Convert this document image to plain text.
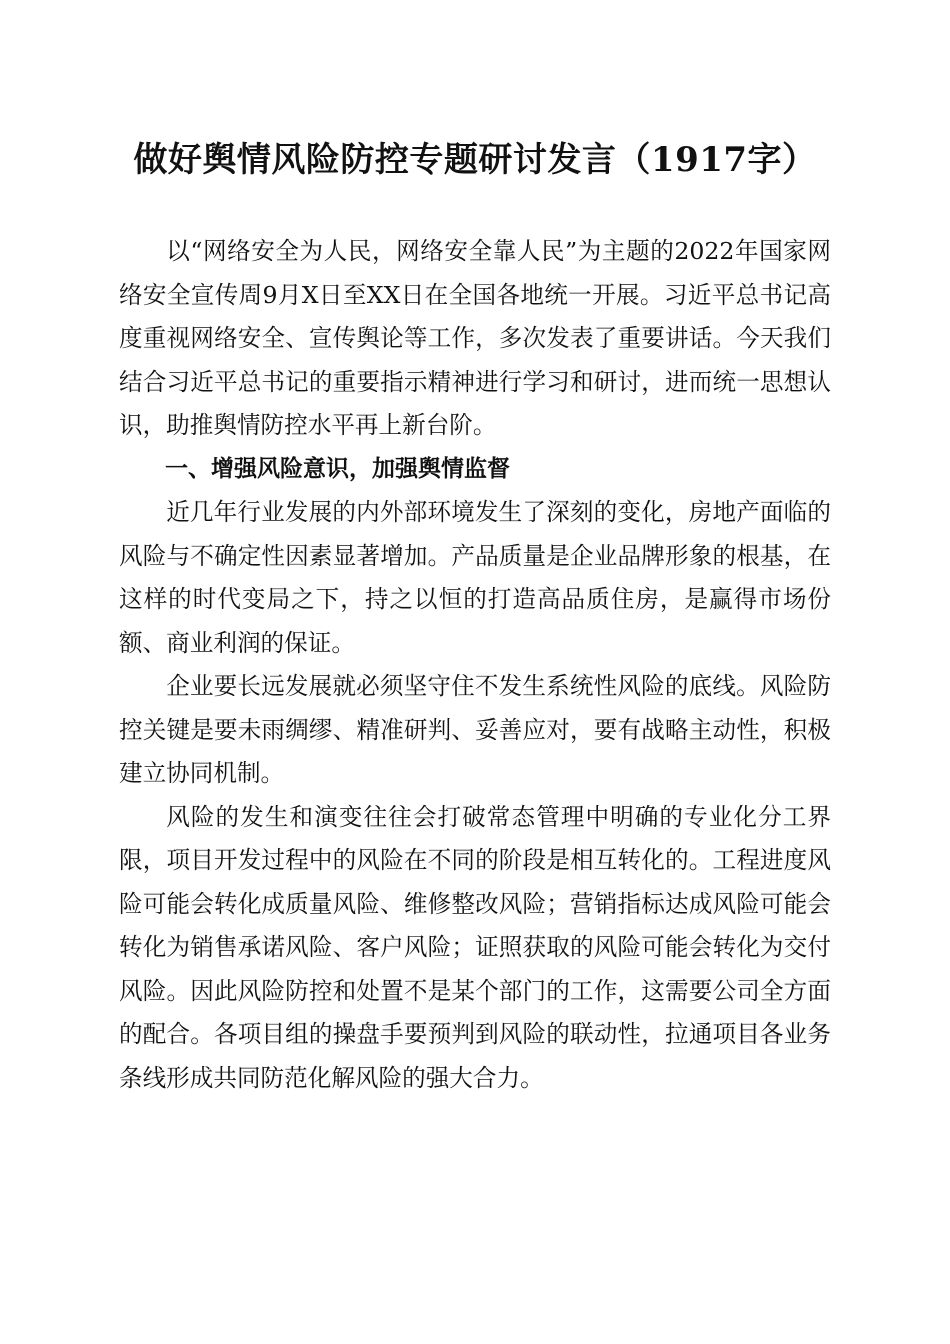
做好舆情风险防控专题研讨发言（1917字）

以“网络安全为人民，网络安全靠人民”为主题的2022年国家网络安全宣传周9月X日至XX日在全国各地统一开展。习近平总书记高度重视网络安全、宣传舆论等工作，多次发表了重要讲话。今天我们结合习近平总书记的重要指示精神进行学习和研讨，进而统一思想认识，助推舆情防控水平再上新台阶。

一、增强风险意识，加强舆情监督

近几年行业发展的内外部环境发生了深刻的变化，房地产面临的风险与不确定性因素显著增加。产品质量是企业品牌形象的根基，在这样的时代变局之下，持之以恒的打造高品质住房，是赢得市场份额、商业利润的保证。

企业要长远发展就必须坚守住不发生系统性风险的底线。风险防控关键是要未雨绸缪、精准研判、妥善应对，要有战略主动性，积极建立协同机制。

风险的发生和演变往往会打破常态管理中明确的专业化分工界限，项目开发过程中的风险在不同的阶段是相互转化的。工程进度风险可能会转化成质量风险、维修整改风险；营销指标达成风险可能会转化为销售承诺风险、客户风险；证照获取的风险可能会转化为交付风险。因此风险防控和处置不是某个部门的工作，这需要公司全方面的配合。各项目组的操盘手要预判到风险的联动性，拉通项目各业务条线形成共同防范化解风险的强大合力。
